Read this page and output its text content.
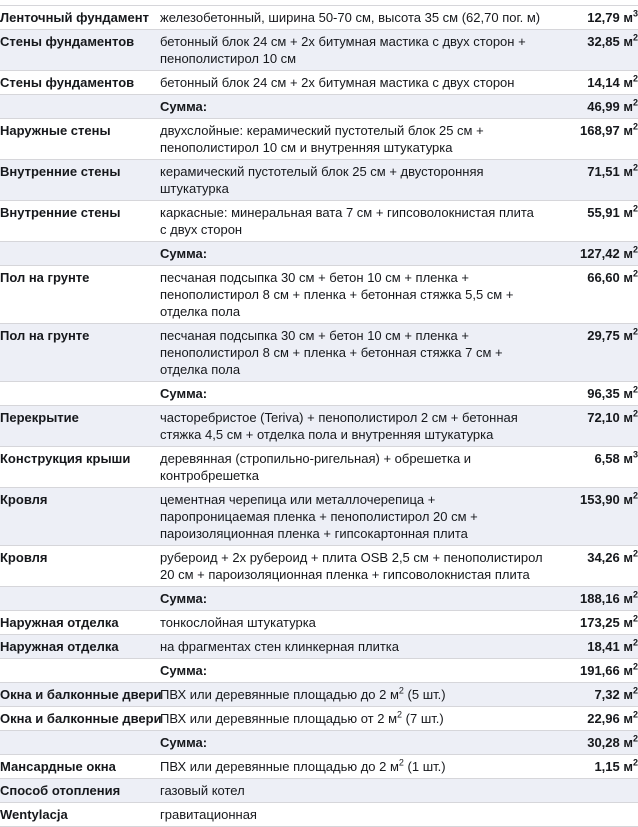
Ленточный фундамент	железобетонный, ширина 50-70 см, высота 35 см (62,70 пог. м)	12,79 $м^3$
Стены фундаментов	бетонный блок 24 см + 2х битумная мастика с двух сторон + пенополистирол 10 см	32,85 $м^2$
Стены фундаментов	бетонный блок 24 см + 2х битумная мастика с двух сторон	14,14 $м^2$
	Сумма:	46,99 $м^2$
Наружные стены	двухслойные: керамический пустотелый блок 25 см + пенополистирол 10 см и внутренняя штукатурка	168,97 $м^2$
Внутренние стены	керамический пустотелый блок 25 см + двусторонняя штукатурка	71,51 $м^2$
Внутренние стены	каркасные: минеральная вата 7 см + гипсоволокнистая плита с двух сторон	55,91 $м^2$
	Сумма:	127,42 $м^2$
Пол на грунте	песчаная подсыпка 30 см + бетон 10 см + пленка + пенополистирол 8 см + пленка + бетонная стяжка 5,5 см + отделка пола	66,60 $м^2$
Пол на грунте	песчаная подсыпка 30 см + бетон 10 см + пленка + пенополистирол 8 см + пленка + бетонная стяжка 7 см + отделка пола	29,75 $м^2$
	Сумма:	96,35 $м^2$
Перекрытие	часторебристое (Teriva) + пенополистирол 2 см + бетонная стяжка 4,5 см + отделка пола и внутренняя штукатурка	72,10 $м^2$
Конструкция крыши	деревянная (стропильно-ригельная) + обрешетка и контробрешетка	6,58 $м^3$
Кровля	цементная черепица или металлочерепица + паропроницаемая пленка + пенополистирол 20 см + пароизоляционная пленка + гипсокартонная плита	153,90 $м^2$
Кровля	рубероид + 2х рубероид + плита OSB 2,5 см + пенополистирол 20 см + пароизоляционная пленка + гипсоволокнистая плита	34,26 $м^2$
	Сумма:	188,16 $м^2$
Наружная отделка	тонкослойная штукатурка	173,25 $м^2$
Наружная отделка	на фрагментах стен клинкерная плитка	18,41 $м^2$
	Сумма:	191,66 $м^2$
Окна и балконные двери	ПВХ или деревянные площадью до 2 $м^2$ (5 шт.)	7,32 $м^2$
Окна и балконные двери	ПВХ или деревянные площадью от 2 $м^2$ (7 шт.)	22,96 $м^2$
	Сумма:	30,28 $м^2$
Мансардные окна	ПВХ или деревянные площадью до 2 $м^2$ (1 шт.)	1,15 $м^2$
Способ отопления	газовый котел	
Wentylacja	гравитационная	
